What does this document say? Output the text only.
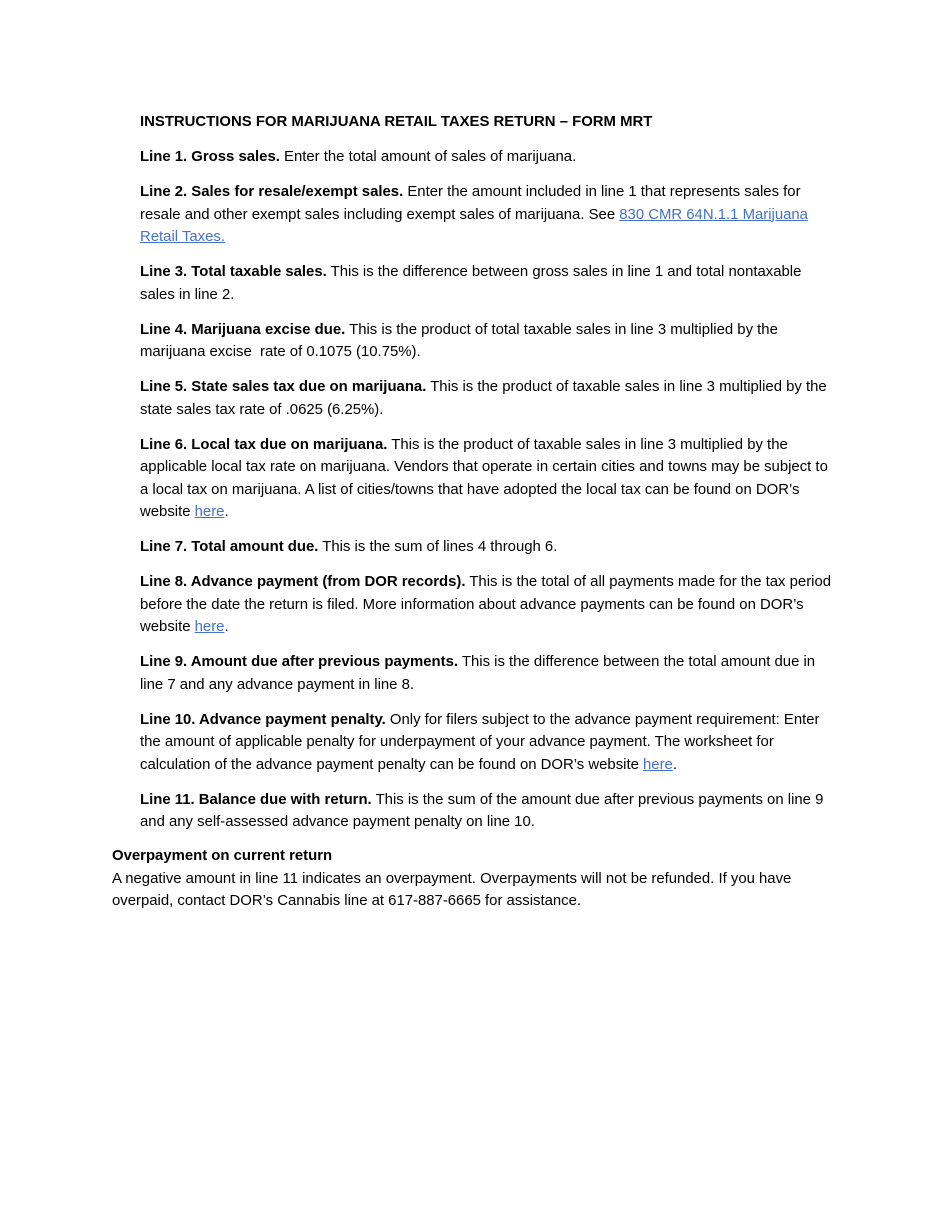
INSTRUCTIONS FOR MARIJUANA RETAIL TAXES RETURN – FORM MRT

Line 1. Gross sales. Enter the total amount of sales of marijuana.

Line 2. Sales for resale/exempt sales. Enter the amount included in line 1 that represents sales for resale and other exempt sales including exempt sales of marijuana. See 830 CMR 64N.1.1 Marijuana Retail Taxes.

Line 3. Total taxable sales. This is the difference between gross sales in line 1 and total nontaxable sales in line 2.

Line 4. Marijuana excise due. This is the product of total taxable sales in line 3 multiplied by the marijuana excise  rate of 0.1075 (10.75%).

Line 5. State sales tax due on marijuana. This is the product of taxable sales in line 3 multiplied by the state sales tax rate of .0625 (6.25%).

Line 6. Local tax due on marijuana. This is the product of taxable sales in line 3 multiplied by the applicable local tax rate on marijuana. Vendors that operate in certain cities and towns may be subject to a local tax on marijuana. A list of cities/towns that have adopted the local tax can be found on DOR’s website here.

Line 7. Total amount due. This is the sum of lines 4 through 6.

Line 8. Advance payment (from DOR records). This is the total of all payments made for the tax period before the date the return is filed. More information about advance payments can be found on DOR’s website here.

Line 9. Amount due after previous payments. This is the difference between the total amount due in line 7 and any advance payment in line 8.

Line 10. Advance payment penalty. Only for filers subject to the advance payment requirement: Enter the amount of applicable penalty for underpayment of your advance payment. The worksheet for calculation of the advance payment penalty can be found on DOR’s website here.

Line 11. Balance due with return. This is the sum of the amount due after previous payments on line 9 and any self-assessed advance payment penalty on line 10.

Overpayment on current return

A negative amount in line 11 indicates an overpayment. Overpayments will not be refunded. If you have overpaid, contact DOR’s Cannabis line at 617-887-6665 for assistance.
